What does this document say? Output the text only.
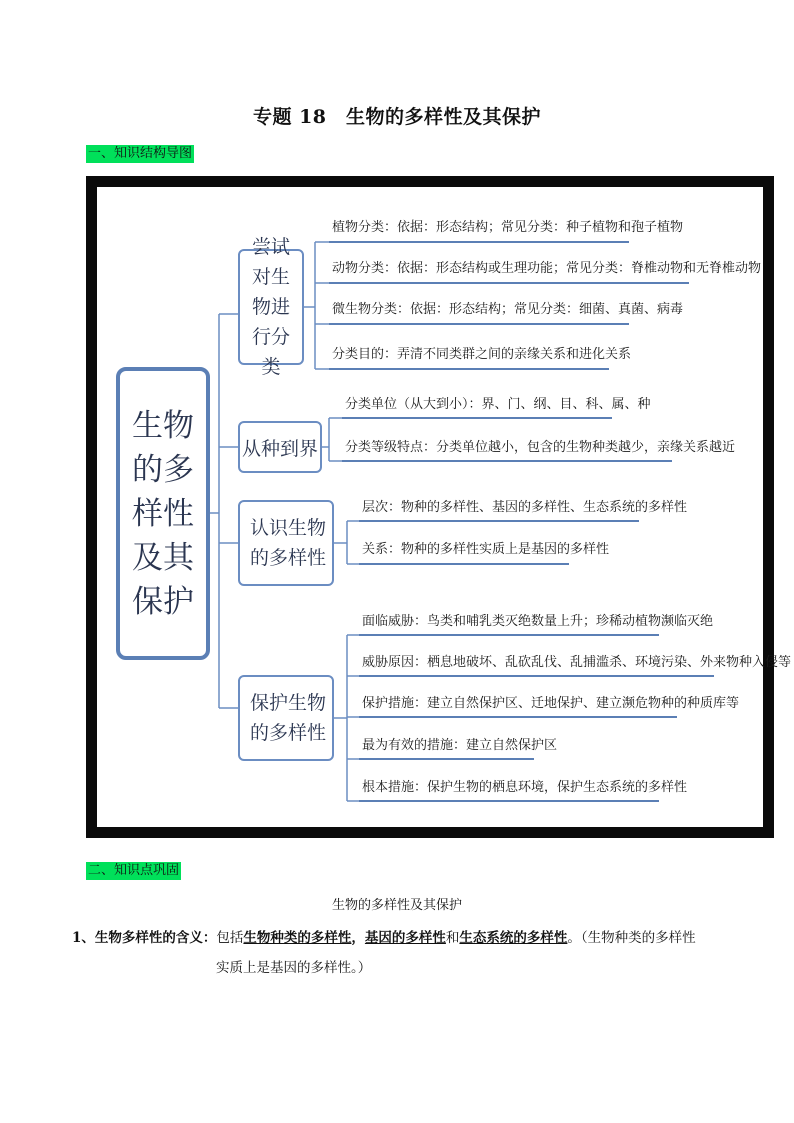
专题 18　生物的多样性及其保护
一、知识结构导图
生物的多样性及其保护
尝试对生物进行分类
从种到界
认识生物的多样性
保护生物的多样性
植物分类：依据：形态结构；常见分类：种子植物和孢子植物
动物分类：依据：形态结构或生理功能；常见分类：脊椎动物和无脊椎动物
微生物分类：依据：形态结构；常见分类：细菌、真菌、病毒
分类目的：弄清不同类群之间的亲缘关系和进化关系
分类单位（从大到小）：界、门、纲、目、科、属、种
分类等级特点：分类单位越小，包含的生物种类越少，亲缘关系越近
层次：物种的多样性、基因的多样性、生态系统的多样性
关系：物种的多样性实质上是基因的多样性
面临威胁：鸟类和哺乳类灭绝数量上升；珍稀动植物濒临灭绝
威胁原因：栖息地破坏、乱砍乱伐、乱捕滥杀、环境污染、外来物种入侵等
保护措施：建立自然保护区、迁地保护、建立濒危物种的种质库等
最为有效的措施：建立自然保护区
根本措施：保护生物的栖息环境，保护生态系统的多样性
二、知识点巩固
生物的多样性及其保护
1、生物多样性的含义：包括生物种类的多样性，基因的多样性和生态系统的多样性。（生物种类的多样性
实质上是基因的多样性。）
